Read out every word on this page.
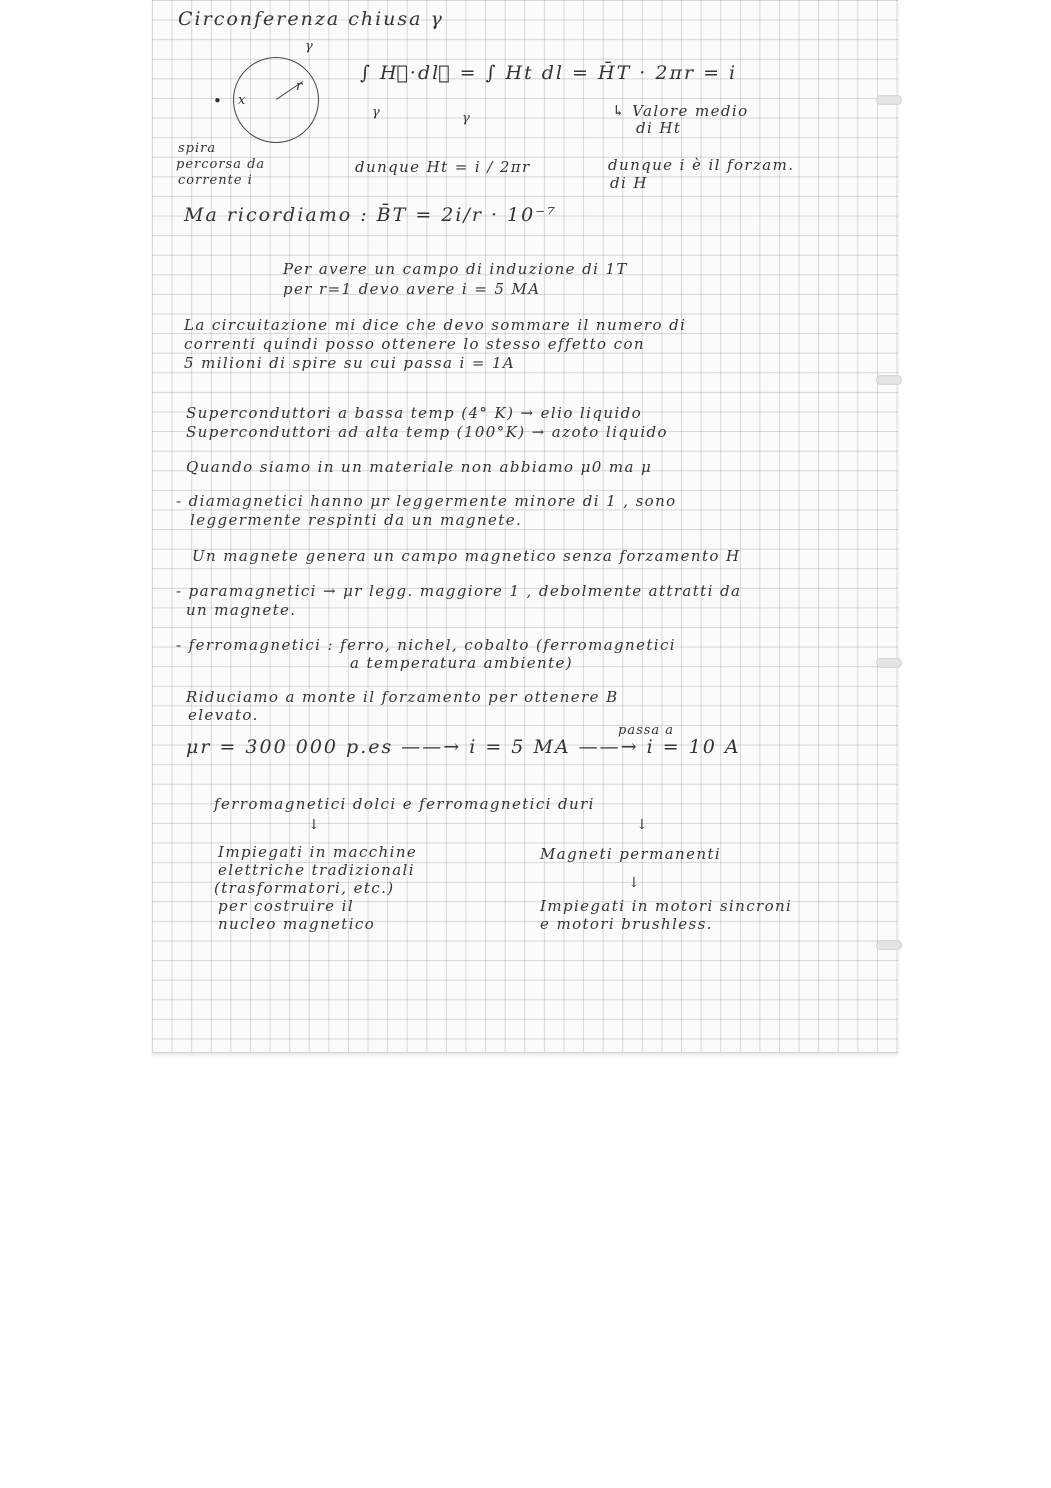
Circonferenza chiusa γ
γ
x
r
•
spira
percorsa da
corrente i
∫ H⃗·dl⃗ = ∫ Ht dl = H̄T · 2πr = i
γ	γ	↳ Valore medio
di Ht
dunque Ht = i / 2πr	dunque i è il forzam.
di H
Ma ricordiamo : B̄T = 2i/r · 10⁻⁷
Per avere un campo di induzione di 1T
per r=1 devo avere i = 5 MA
La circuitazione mi dice che devo sommare il numero di
correnti quindi posso ottenere lo stesso effetto con
5 milioni di spire su cui passa i = 1A
Superconduttori a bassa temp (4° K) → elio liquido
Superconduttori ad alta temp (100°K) → azoto liquido
Quando siamo in un materiale non abbiamo μ0 ma μ
- diamagnetici hanno μr leggermente minore di 1 , sono
leggermente respinti da un magnete.
Un magnete genera un campo magnetico senza forzamento H
- paramagnetici → μr legg. maggiore 1 , debolmente attratti da
un magnete.
- ferromagnetici : ferro, nichel, cobalto (ferromagnetici
a temperatura ambiente)
Riduciamo a monte il forzamento per ottenere B
elevato.
passa a
μr = 300 000 p.es ——→ i = 5 MA ——→ i = 10 A
ferromagnetici dolci e ferromagnetici duri
↓	↓
Impiegati in macchine
elettriche tradizionali
(trasformatori, etc.)
per costruire il
nucleo magnetico
Magneti permanenti
↓
Impiegati in motori sincroni
e motori brushless.
